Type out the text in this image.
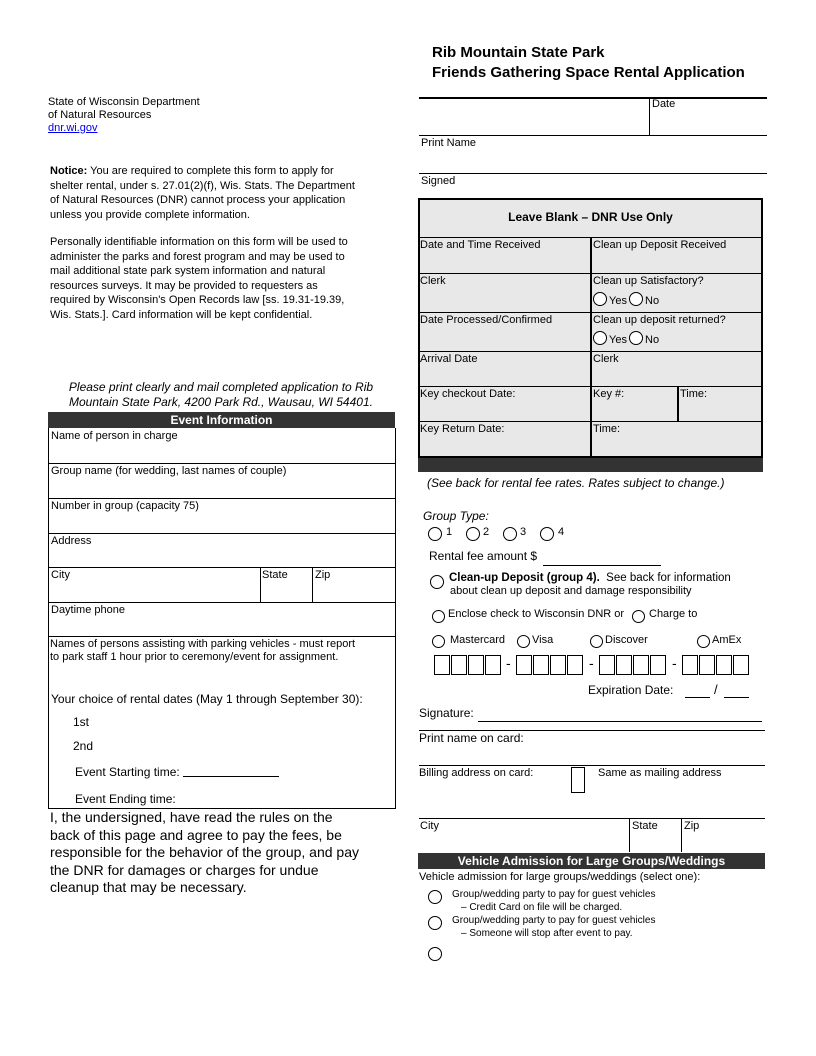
Rib Mountain State Park
Friends Gathering Space Rental Application
State of Wisconsin Department
of Natural Resources
dnr.wi.gov
Notice: You are required to complete this form to apply for
shelter rental, under s. 27.01(2)(f), Wis. Stats. The Department
of Natural Resources (DNR) cannot process your application
unless you provide complete information.
Personally identifiable information on this form will be used to
administer the parks and forest program and may be used to
mail additional state park system information and natural
resources surveys. It may be provided to requesters as
required by Wisconsin's Open Records law [ss. 19.31-19.39,
Wis. Stats.]. Card information will be kept confidential.
Please print clearly and mail completed application to Rib
Mountain State Park, 4200 Park Rd., Wausau, WI 54401.
Event Information
Name of person in charge
Group name (for wedding, last names of couple)
Number in group (capacity 75)
Address
City	State Zip
Daytime phone
Names of persons assisting with parking vehicles - must report
to park staff 1 hour prior to ceremony/event for assignment.
Your choice of rental dates (May 1 through September 30):
1st
2nd
Event Starting time:
Event Ending time:
I, the undersigned, have read the rules on the
back of this page and agree to pay the fees, be
responsible for the behavior of the group, and pay
the DNR for damages or charges for undue
cleanup that may be necessary.
Date
Print Name
Signed
Leave Blank – DNR Use Only
Date and Time Received	Clean up Deposit Received
Clerk	Clean up Satisfactory?
Yes No
Date Processed/Confirmed	Clean up deposit returned?
Yes No
Arrival Date	Clerk
Key checkout Date:	Key #:	Time:
Key Return Date:	Time:
(See back for rental fee rates. Rates subject to change.)
Group Type:
1	2	3	4
Rental fee amount $
Clean-up Deposit (group 4). See back for information
about clean up deposit and damage responsibility
Enclose check to Wisconsin DNR or Charge to
Mastercard Visa	Discover	AmEx
-	-	-
Expiration Date:	/
Signature:
Print name on card:
Billing address on card:	Same as mailing address
City	State Zip
Vehicle Admission for Large Groups/Weddings
Vehicle admission for large groups/weddings (select one):
Group/wedding party to pay for guest vehicles
– Credit Card on file will be charged.
Group/wedding party to pay for guest vehicles
– Someone will stop after event to pay.
